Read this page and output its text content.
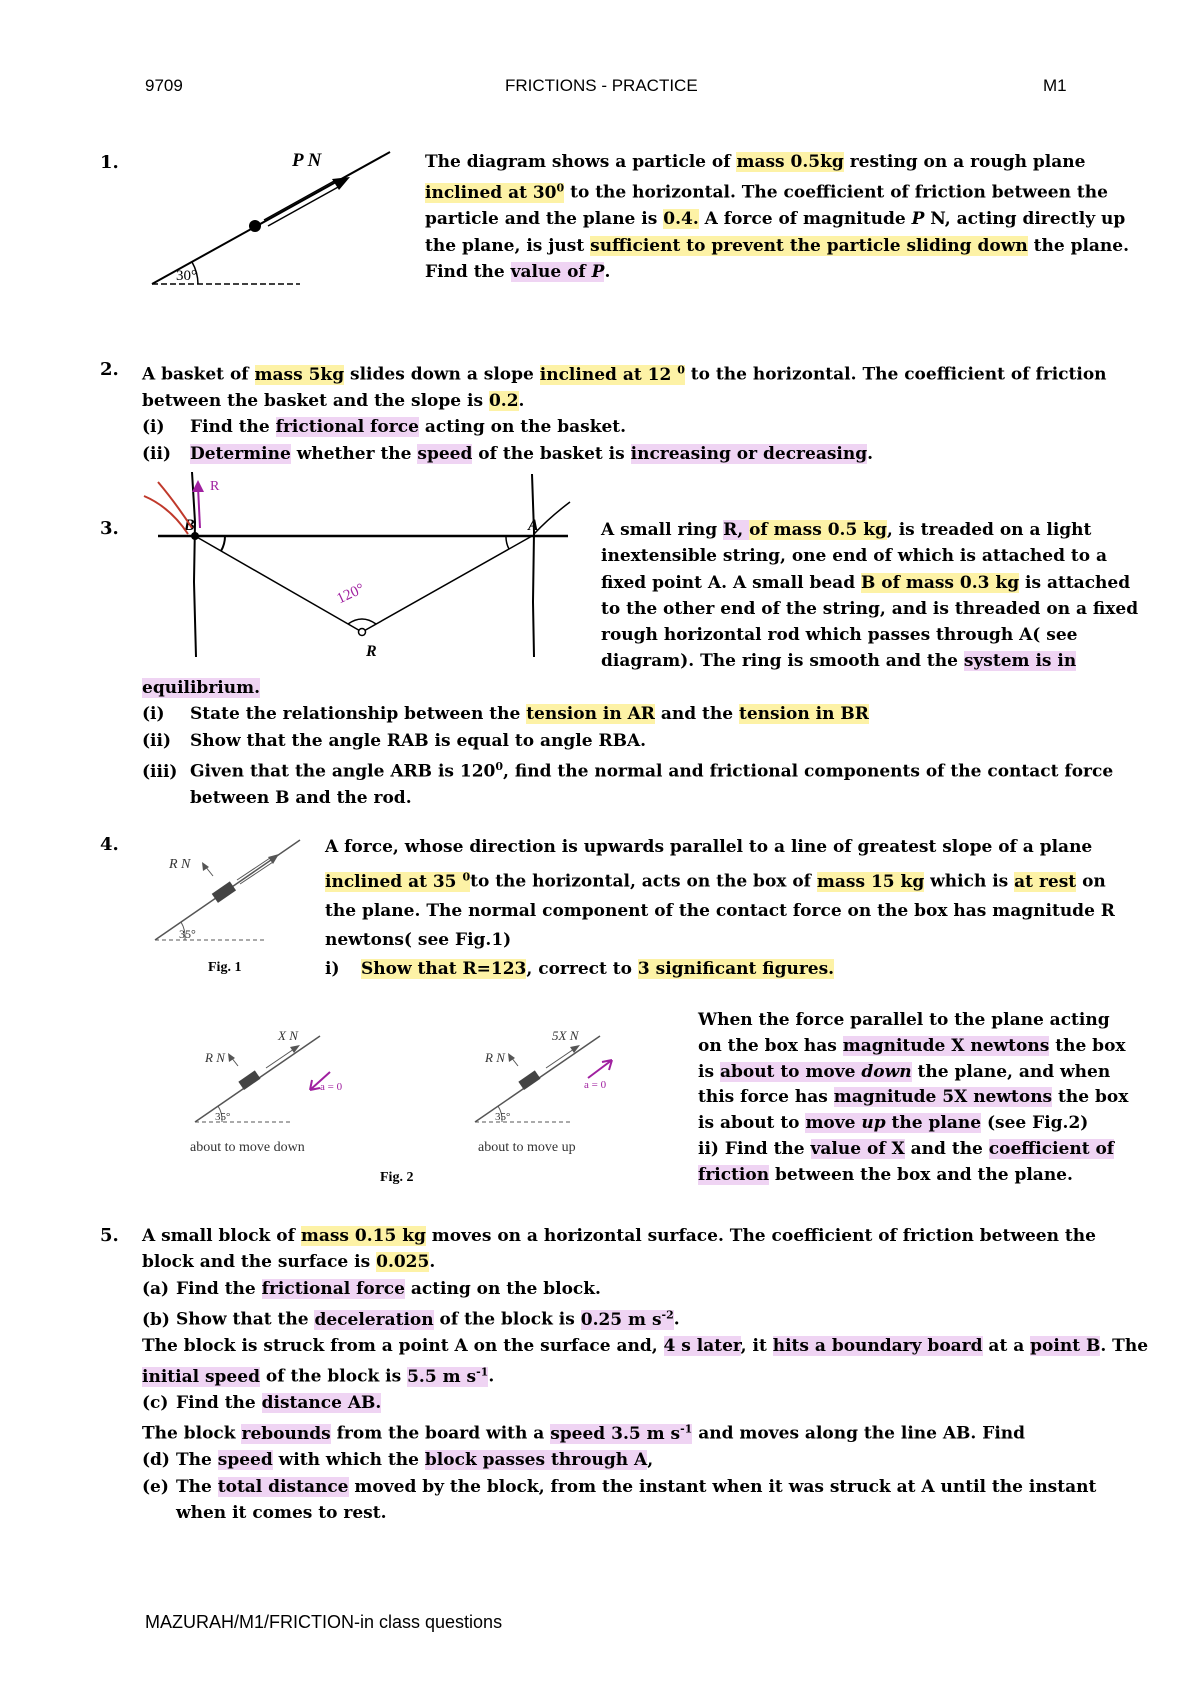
9709	FRICTIONS - PRACTICE	M1
1.	P N
30°
The diagram shows a particle of mass 0.5kg resting on a rough plane
inclined at $30^0$ to the horizontal. The coefficient of friction between the
particle and the plane is 0.4. A force of magnitude P N, acting directly up
the plane, is just sufficient to prevent the particle sliding down the plane.
Find the value of P.
2. A basket of mass 5kg slides down a slope inclined at 12 $^0$ to the horizontal. The coefficient of friction
between the basket and the slope is 0.2.
(i) Find the frictional force acting on the basket.
(ii) Determine whether the speed of the basket is increasing or decreasing.
3.	B	A
R
R
120°
A small ring R, of mass 0.5 kg, is treaded on a light
inextensible string, one end of which is attached to a
fixed point A. A small bead B of mass 0.3 kg is attached
to the other end of the string, and is threaded on a fixed
rough horizontal rod which passes through A( see
diagram). The ring is smooth and the system is in
equilibrium.
(i) State the relationship between the tension in AR and the tension in BR
(ii) Show that the angle RAB is equal to angle RBA.
(iii) Given that the angle ARB is $120^0$, find the normal and frictional components of the contact force
between B and the rod.
4.
R N
35°
Fig. 1
A force, whose direction is upwards parallel to a line of greatest slope of a plane
inclined at 35 $^0$to the horizontal, acts on the box of mass 15 kg which is at rest on
the plane. The normal component of the contact force on the box has magnitude R
newtons( see Fig.1)
i) Show that R=123, correct to 3 significant figures.
R N
X N
35°
a = 0
about to move down
R N
5X N
35°
a = 0
about to move up
Fig. 2
When the force parallel to the plane acting
on the box has magnitude X newtons the box
is about to move down the plane, and when
this force has magnitude 5X newtons the box
is about to move up the plane (see Fig.2)
ii) Find the value of X and the coefficient of
friction between the box and the plane.
5. A small block of mass 0.15 kg moves on a horizontal surface. The coefficient of friction between the
block and the surface is 0.025.
(a) Find the frictional force acting on the block.
(b) Show that the deceleration of the block is 0.25 m $s^{-2}$.
The block is struck from a point A on the surface and, 4 s later, it hits a boundary board at a point B. The
initial speed of the block is 5.5 m $s^{-1}$.
(c) Find the distance AB.
The block rebounds from the board with a speed 3.5 m $s^{-1}$ and moves along the line AB. Find
(d) The speed with which the block passes through A,
(e) The total distance moved by the block, from the instant when it was struck at A until the instant
when it comes to rest.
MAZURAH/M1/FRICTION-in class questions
